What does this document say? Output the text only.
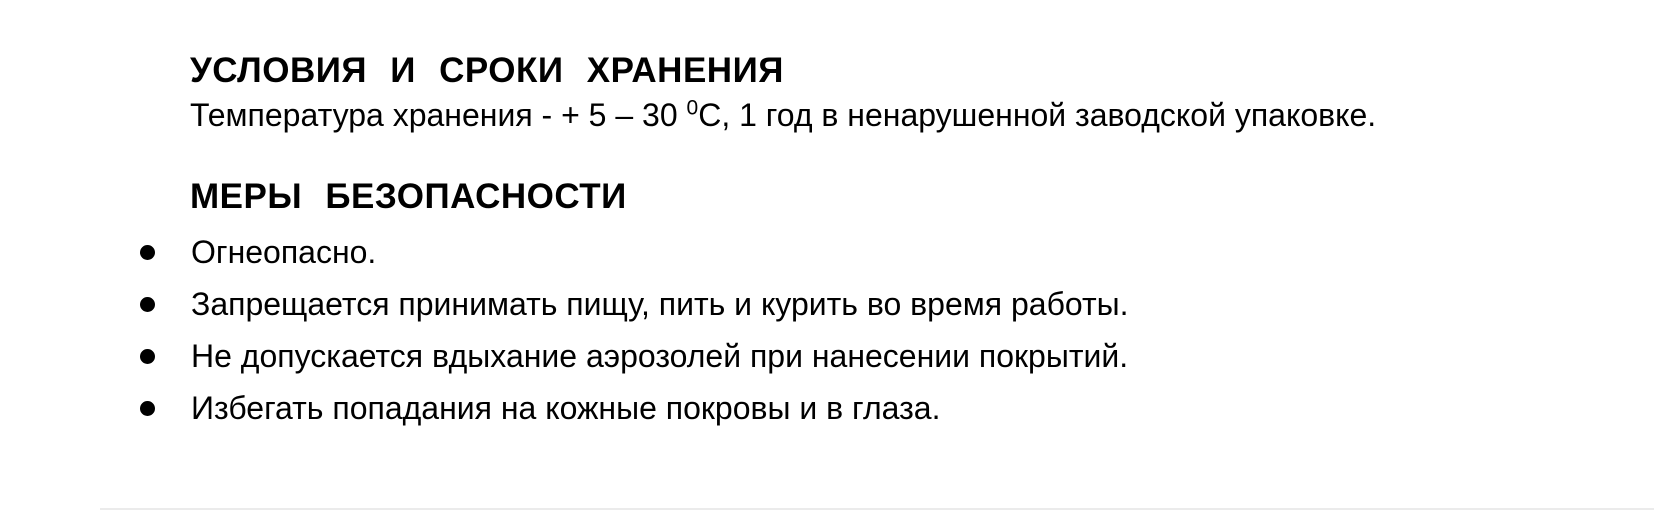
УСЛОВИЯ И СРОКИ ХРАНЕНИЯ
Температура хранения - + 5 – 30 $^0$С, 1 год в ненарушенной заводской упаковке.
МЕРЫ БЕЗОПАСНОСТИ
Огнеопасно.
Запрещается принимать пищу, пить и курить во время работы.
Не допускается вдыхание аэрозолей при нанесении покрытий.
Избегать попадания на кожные покровы и в глаза.
